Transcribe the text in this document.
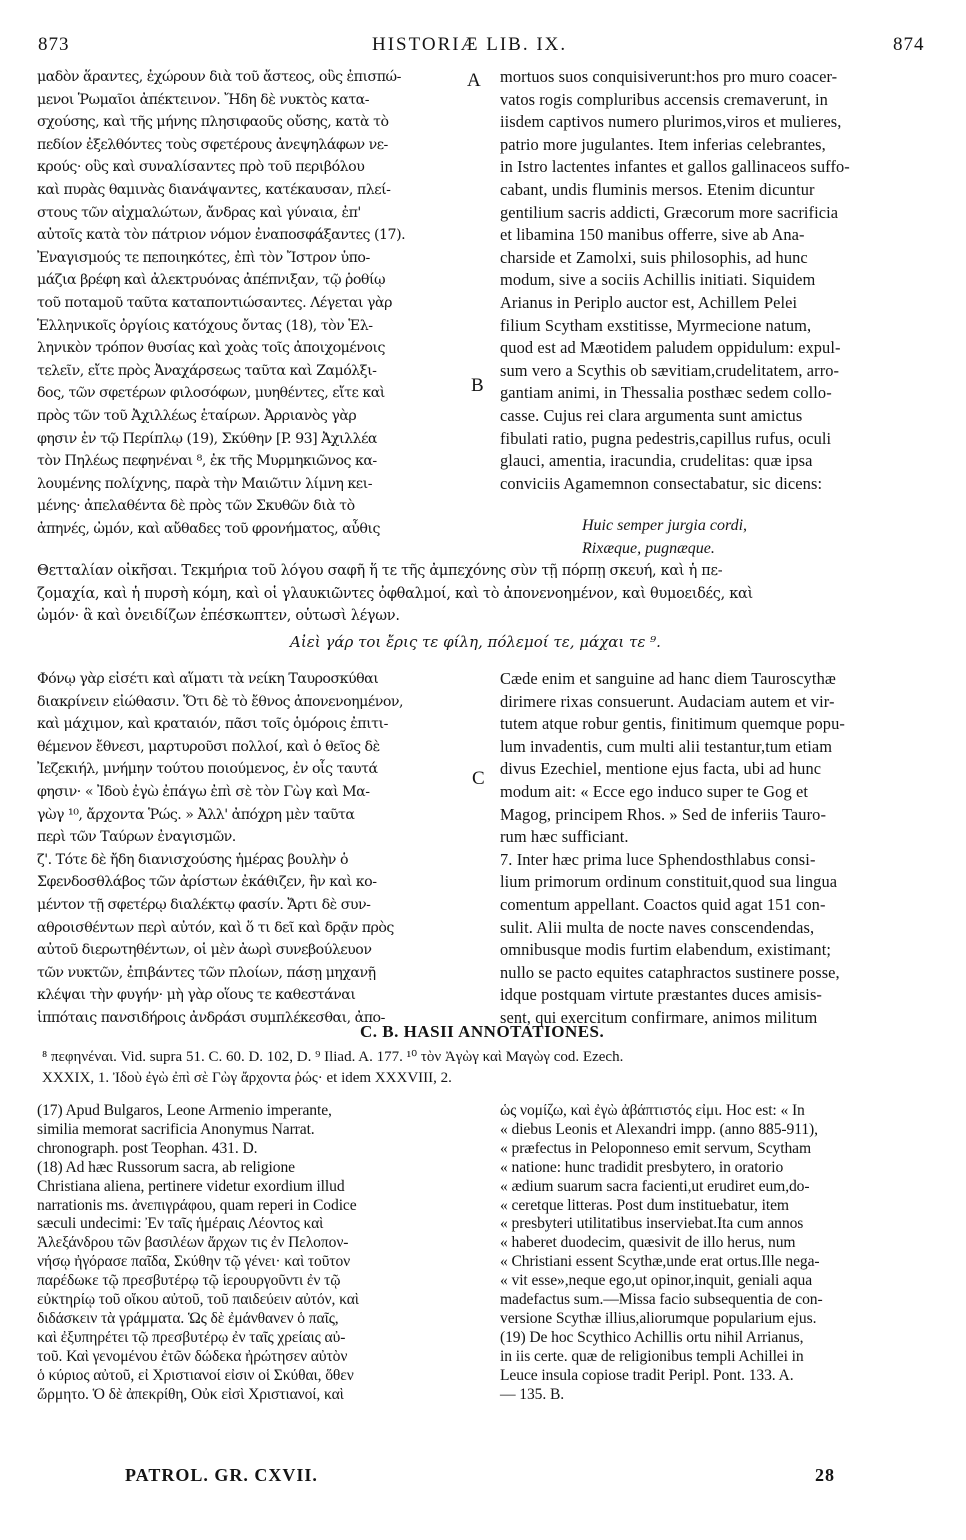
873	HISTORIÆ LIB. IX.	874
A
B
C
μαδὸν ἅραντες, ἐχώρουν διὰ τοῦ ἄστεος, οὓς ἐπισπώ-
μενοι Ῥωμαῖοι ἀπέκτεινον. Ἤδη δὲ νυκτὸς κατα-
σχούσης, καὶ τῆς μήνης πλησιφαοῦς οὔσης, κατὰ τὸ
πεδίον ἐξελθόντες τοὺς σφετέρους ἀνεψηλάφων νε-
κρούς· οὓς καὶ συναλίσαντες πρὸ τοῦ περιβόλου
καὶ πυρὰς θαμινὰς διανάψαντες, κατέκαυσαν, πλεί-
στους τῶν αἰχμαλώτων, ἄνδρας καὶ γύναια, ἐπ'
αὐτοῖς κατὰ τὸν πάτριον νόμον ἐναποσφάξαντες (17).
Ἐναγισμούς τε πεποιηκότες, ἐπὶ τὸν Ἴστρον ὑπο-
μάζια βρέφη καὶ ἀλεκτρυόνας ἀπέπνιξαν, τῷ ῥοθίῳ
τοῦ ποταμοῦ ταῦτα καταποντιώσαντες. Λέγεται γὰρ
Ἑλληνικοῖς ὀργίοις κατόχους ὄντας (18), τὸν Ἑλ-
ληνικὸν τρόπον θυσίας καὶ χοὰς τοῖς ἀποιχομένοις
τελεῖν, εἴτε πρὸς Ἀναχάρσεως ταῦτα καὶ Ζαμόλξι-
δος, τῶν σφετέρων φιλοσόφων, μυηθέντες, εἴτε καὶ
πρὸς τῶν τοῦ Ἀχιλλέως ἑταίρων. Ἀρριανὸς γὰρ
φησιν ἐν τῷ Περίπλῳ (19), Σκύθην [P. 93] Ἀχιλλέα
τὸν Πηλέως πεφηνέναι ⁸, ἐκ τῆς Μυρμηκιῶνος κα-
λουμένης πολίχνης, παρὰ τὴν Μαιῶτιν λίμνη κει-
μένης· ἀπελαθέντα δὲ πρὸς τῶν Σκυθῶν διὰ τὸ
ἀπηνές, ὠμόν, καὶ αὔθαδες τοῦ φρονήματος, αὖθις
mortuos suos conquisiverunt:hos pro muro coacer-
vatos rogis compluribus accensis cremaverunt, in
iisdem captivos numero plurimos,viros et mulieres,
patrio more jugulantes. Item inferias celebrantes,
in Istro lactentes infantes et gallos gallinaceos suffo-
cabant, undis fluminis mersos. Etenim dicuntur
gentilium sacris addicti, Græcorum more sacrificia
et libamina 150 manibus offerre, sive ab Ana-
charside et Zamolxi, suis philosophis, ad hunc
modum, sive a sociis Achillis initiati. Siquidem
Arianus in Periplo auctor est, Achillem Pelei
filium Scytham exstitisse, Myrmecione natum,
quod est ad Mæotidem paludem oppidulum: expul-
sum vero a Scythis ob sævitiam,crudelitatem, arro-
gantiam animi, in Thessalia posthæc sedem collo-
casse. Cujus rei clara argumenta sunt amictus
fibulati ratio, pugna pedestris,capillus rufus, oculi
glauci, amentia, iracundia, crudelitas: quæ ipsa
conviciis Agamemnon consectabatur, sic dicens:
Huic semper jurgia cordi,
Rixæque, pugnæque.
Θετταλίαν οἰκῆσαι. Τεκμήρια τοῦ λόγου σαφῆ ἥ τε τῆς ἀμπεχόνης σὺν τῇ πόρπῃ σκευή, καὶ ἡ πε-
ζομαχία, καὶ ἡ πυρσὴ κόμη, καὶ οἱ γλαυκιῶντες ὀφθαλμοί, καὶ τὸ ἀπονενοημένον, καὶ θυμοειδές, καὶ
ὠμόν· ἃ καὶ ὀνειδίζων ἐπέσκωπτεν, οὑτωσὶ λέγων.
Αἰεὶ γάρ τοι ἔρις τε φίλη, πόλεμοί τε, μάχαι τε ⁹.
Φόνῳ γὰρ εἰσέτι καὶ αἵματι τὰ νείκη Ταυροσκύθαι
διακρίνειν εἰώθασιν. Ὅτι δὲ τὸ ἔθνος ἀπονενοημένον,
καὶ μάχιμον, καὶ κραταιόν, πᾶσι τοῖς ὁμόροις ἐπιτι-
θέμενον ἔθνεσι, μαρτυροῦσι πολλοί, καὶ ὁ θεῖος δὲ
Ἰεζεκιήλ, μνήμην τούτου ποιούμενος, ἐν οἷς ταυτά
φησιν· « Ἰδοὺ ἐγὼ ἐπάγω ἐπὶ σὲ τὸν Γὼγ καὶ Μα-
γὼγ ¹⁰, ἄρχοντα Ῥώς. » Ἀλλ' ἀπόχρη μὲν ταῦτα
περὶ τῶν Ταύρων ἐναγισμῶν.
ζ'. Τότε δὲ ἤδη διανισχούσης ἡμέρας βουλὴν ὁ
Σφενδοσθλάβος τῶν ἀρίστων ἐκάθιζεν, ἣν καὶ κο-
μέντον τῇ σφετέρῳ διαλέκτῳ φασίν. Ἄρτι δὲ συν-
αθροισθέντων περὶ αὐτόν, καὶ ὅ τι δεῖ καὶ δρᾷν πρὸς
αὐτοῦ διερωτηθέντων, οἱ μὲν ἀωρὶ συνεβούλευον
τῶν νυκτῶν, ἐπιβάντες τῶν πλοίων, πάσῃ μηχανῇ
κλέψαι τὴν φυγήν· μὴ γὰρ οἵους τε καθεστάναι
ἱππόταις πανσιδήροις ἀνδράσι συμπλέκεσθαι, ἀπο-
Cæde enim et sanguine ad hanc diem Tauroscythæ
dirimere rixas consuerunt. Audaciam autem et vir-
tutem atque robur gentis, finitimum quemque popu-
lum invadentis, cum multi alii testantur,tum etiam
divus Ezechiel, mentione ejus facta, ubi ad hunc
modum ait: « Ecce ego induco super te Gog et
Magog, principem Rhos. » Sed de inferiis Tauro-
rum hæc sufficiant.
7. Inter hæc prima luce Sphendosthlabus consi-
lium primorum ordinum constituit,quod sua lingua
comentum appellant. Coactos quid agat 151 con-
sulit. Alii multa de nocte naves conscendendas,
omnibusque modis furtim elabendum, existimant;
nullo se pacto equites cataphractos sustinere posse,
idque postquam virtute præstantes duces amisis-
sent, qui exercitum confirmare, animos militum
C. B. HASII ANNOTATIONES.
⁸ πεφηνέναι. Vid. supra 51. C. 60. D. 102, D. ⁹ Iliad. A. 177. ¹⁰ τὸν Ἀγὼγ καὶ Μαγὼγ cod. Ezech.
XXXIX, 1. Ἰδοὺ ἐγὼ ἐπὶ σὲ Γὼγ ἄρχοντα ῥώς· et idem XXXVIII, 2.
(17) Apud Bulgaros, Leone Armenio imperante,
similia memorat sacrificia Anonymus Narrat.
chronograph. post Teophan. 431. D.
(18) Ad hæc Russorum sacra, ab religione
Christiana aliena, pertinere videtur exordium illud
narrationis ms. ἀνεπιγράφου, quam reperi in Codice
sæculi undecimi: Ἐν ταῖς ἡμέραις Λέοντος καὶ
Ἀλεξάνδρου τῶν βασιλέων ἄρχων τις ἐν Πελοπον-
νήσῳ ἠγόρασε παῖδα, Σκύθην τῷ γένει· καὶ τοῦτον
παρέδωκε τῷ πρεσβυτέρῳ τῷ ἱερουργοῦντι ἐν τῷ
εὐκτηρίῳ τοῦ οἴκου αὐτοῦ, τοῦ παιδεύειν αὐτόν, καὶ
διδάσκειν τὰ γράμματα. Ὡς δὲ ἐμάνθανεν ὁ παῖς,
καὶ ἐξυπηρέτει τῷ πρεσβυτέρῳ ἐν ταῖς χρείαις αὐ-
τοῦ. Καὶ γενομένου ἐτῶν δώδεκα ἠρώτησεν αὐτὸν
ὁ κύριος αὐτοῦ, εἰ Χριστιανοί εἰσιν οἱ Σκύθαι, ὅθεν
ὥρμητο. Ὁ δὲ ἀπεκρίθη, Οὐκ εἰσὶ Χριστιανοί, καὶ
ὡς νομίζω, καὶ ἐγὼ ἀβάπτιστός εἰμι. Hoc est: « In
« diebus Leonis et Alexandri impp. (anno 885-911),
« præfectus in Peloponneso emit servum, Scytham
« natione: hunc tradidit presbytero, in oratorio
« ædium suarum sacra facienti,ut erudiret eum,do-
« ceretque litteras. Post dum instituebatur, item
« presbyteri utilitatibus inserviebat.Ita cum annos
« haberet duodecim, quæsivit de illo herus, num
« Christiani essent Scythæ,unde erat ortus.Ille nega-
« vit esse»,neque ego,ut opinor,inquit, geniali aqua
madefactus sum.—Missa facio subsequentia de con-
versione Scythæ illius,aliorumque popularium ejus.
(19) De hoc Scythico Achillis ortu nihil Arrianus,
in iis certe. quæ de religionibus templi Achillei in
Leuce insula copiose tradit Peripl. Pont. 133. A.
— 135. B.
PATROL. GR. CXVII.	28
